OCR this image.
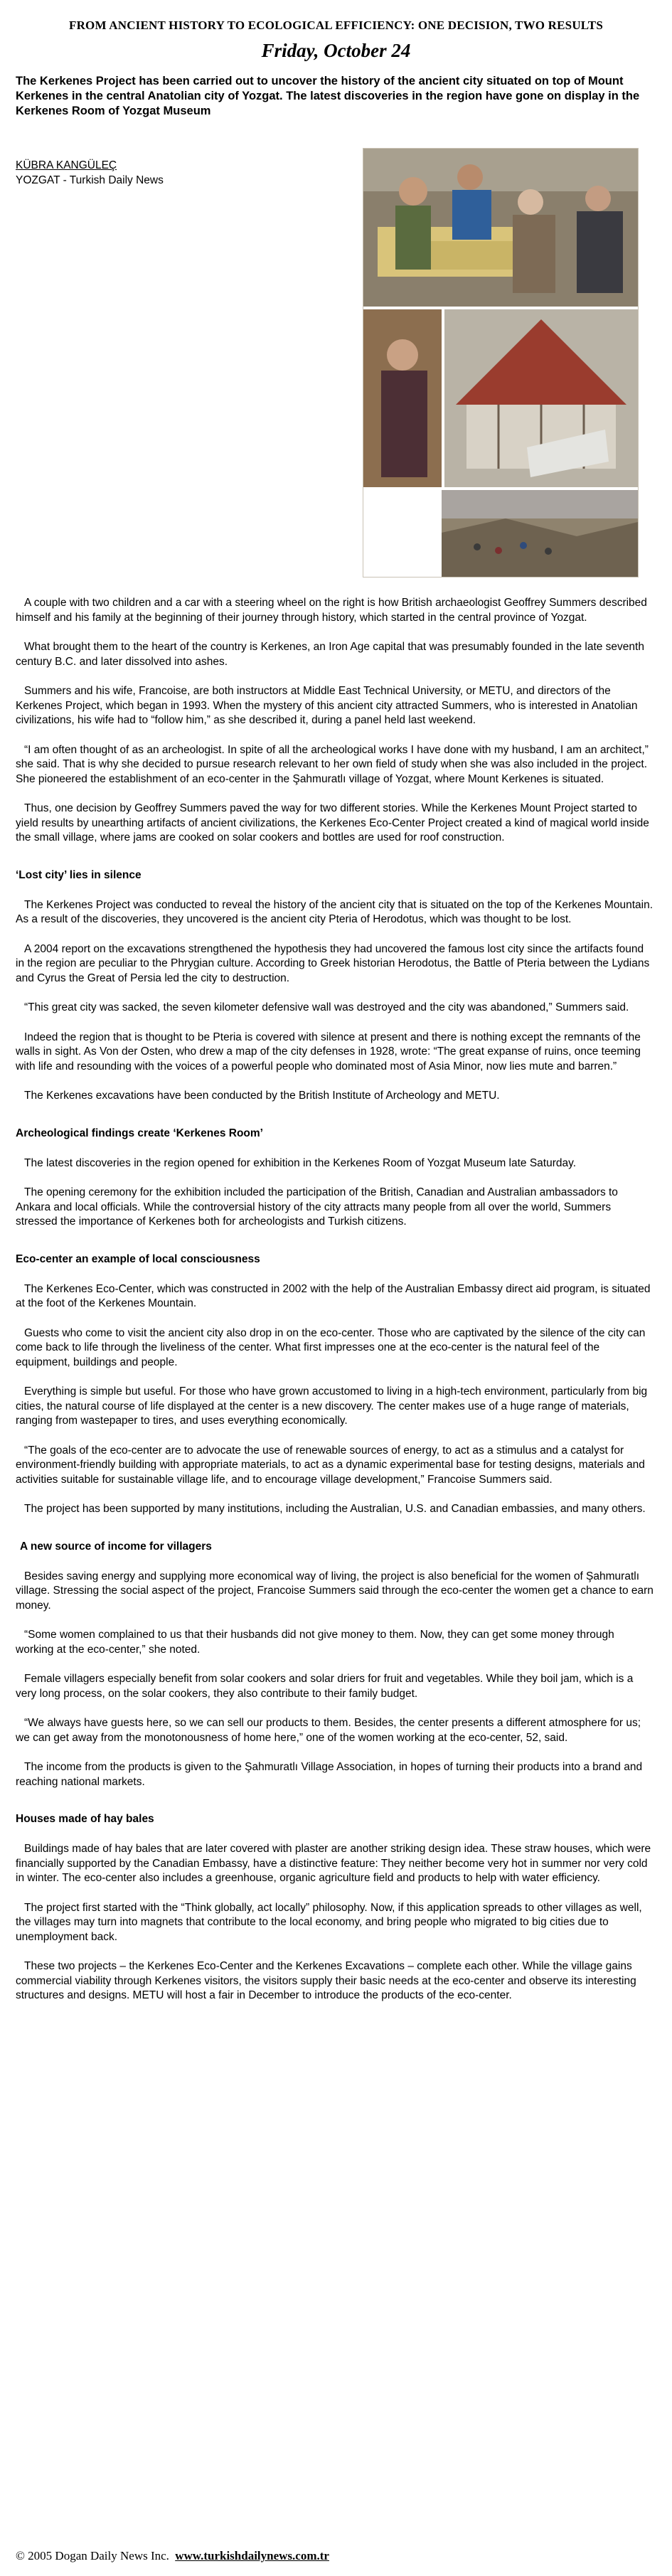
FROM ANCIENT HISTORY TO ECOLOGICAL EFFICIENCY: ONE DECISION, TWO RESULTS
Friday, October 24
The Kerkenes Project has been carried out to uncover the history of the ancient city situated on top of Mount Kerkenes in the central Anatolian city of Yozgat. The latest discoveries in the region have gone on display in the Kerkenes Room of Yozgat Museum
KÜBRA KANGÜLEÇ
YOZGAT - Turkish Daily News

A couple with two children and a car with a steering wheel on the right is how British archaeologist Geoffrey Summers described himself and his family at the beginning of their journey through history, which started in the central province of Yozgat.

What brought them to the heart of the country is Kerkenes, an Iron Age capital that was presumably founded in the late seventh century B.C. and later dissolved into ashes.

Summers and his wife, Francoise, are both instructors at Middle East Technical University, or METU, and directors of the Kerkenes Project, which began in 1993. When the mystery of this ancient city attracted Summers, who is interested in Anatolian civilizations, his wife had to “follow him,” as she described it, during a panel held last weekend.

“I am often thought of as an archeologist. In spite of all the archeological works I have done with my husband, I am an architect,” she said. That is why she decided to pursue research relevant to her own field of study when she was also included in the project. She pioneered the establishment of an eco-center in the Şahmuratlı village of Yozgat, where Mount Kerkenes is situated.

Thus, one decision by Geoffrey Summers paved the way for two different stories. While the Kerkenes Mount Project started to yield results by unearthing artifacts of ancient civilizations, the Kerkenes Eco-Center Project created a kind of magical world inside the small village, where jams are cooked on solar cookers and bottles are used for roof construction.

‘Lost city’ lies in silence

The Kerkenes Project was conducted to reveal the history of the ancient city that is situated on the top of the Kerkenes Mountain. As a result of the discoveries, they uncovered is the ancient city Pteria of Herodotus, which was thought to be lost.

A 2004 report on the excavations strengthened the hypothesis they had uncovered the famous lost city since the artifacts found in the region are peculiar to the Phrygian culture. According to Greek historian Herodotus, the Battle of Pteria between the Lydians and Cyrus the Great of Persia led the city to destruction.

“This great city was sacked, the seven kilometer defensive wall was destroyed and the city was abandoned,” Summers said.

Indeed the region that is thought to be Pteria is covered with silence at present and there is nothing except the remnants of the walls in sight. As Von der Osten, who drew a map of the city defenses in 1928, wrote: “The great expanse of ruins, once teeming with life and resounding with the voices of a powerful people who dominated most of Asia Minor, now lies mute and barren.”

The Kerkenes excavations have been conducted by the British Institute of Archeology and METU.

Archeological findings create ‘Kerkenes Room’

The latest discoveries in the region opened for exhibition in the Kerkenes Room of Yozgat Museum late Saturday.

The opening ceremony for the exhibition included the participation of the British, Canadian and Australian ambassadors to Ankara and local officials. While the controversial history of the city attracts many people from all over the world, Summers stressed the importance of Kerkenes both for archeologists and Turkish citizens.

Eco-center an example of local consciousness

The Kerkenes Eco-Center, which was constructed in 2002 with the help of the Australian Embassy direct aid program, is situated at the foot of the Kerkenes Mountain.

Guests who come to visit the ancient city also drop in on the eco-center. Those who are captivated by the silence of the city can come back to life through the liveliness of the center. What first impresses one at the eco-center is the natural feel of the equipment, buildings and people.

Everything is simple but useful. For those who have grown accustomed to living in a high-tech environment, particularly from big cities, the natural course of life displayed at the center is a new discovery. The center makes use of a huge range of materials, ranging from wastepaper to tires, and uses everything economically.

“The goals of the eco-center are to advocate the use of renewable sources of energy, to act as a stimulus and a catalyst for environment-friendly building with appropriate materials, to act as a dynamic experimental base for testing designs, materials and activities suitable for sustainable village life, and to encourage village development,” Francoise Summers said.

The project has been supported by many institutions, including the Australian, U.S. and Canadian embassies, and many others.

A new source of income for villagers

Besides saving energy and supplying more economical way of living, the project is also beneficial for the women of Şahmuratlı village. Stressing the social aspect of the project, Francoise Summers said through the eco-center the women get a chance to earn money.

“Some women complained to us that their husbands did not give money to them. Now, they can get some money through working at the eco-center,” she noted.

Female villagers especially benefit from solar cookers and solar driers for fruit and vegetables. While they boil jam, which is a very long process, on the solar cookers, they also contribute to their family budget.

“We always have guests here, so we can sell our products to them. Besides, the center presents a different atmosphere for us; we can get away from the monotonousness of home here,” one of the women working at the eco-center, 52, said.

The income from the products is given to the Şahmuratlı Village Association, in hopes of turning their products into a brand and reaching national markets.

Houses made of hay bales

Buildings made of hay bales that are later covered with plaster are another striking design idea. These straw houses, which were financially supported by the Canadian Embassy, have a distinctive feature: They neither become very hot in summer nor very cold in winter. The eco-center also includes a greenhouse, organic agriculture field and products to help with water efficiency.

The project first started with the “Think globally, act locally” philosophy. Now, if this application spreads to other villages as well, the villages may turn into magnets that contribute to the local economy, and bring people who migrated to big cities due to unemployment back.

These two projects – the Kerkenes Eco-Center and the Kerkenes Excavations – complete each other. While the village gains commercial viability through Kerkenes visitors, the visitors supply their basic needs at the eco-center and observe its interesting structures and designs. METU will host a fair in December to introduce the products of the eco-center.

© 2005 Dogan Daily News Inc. www.turkishdailynews.com.tr
